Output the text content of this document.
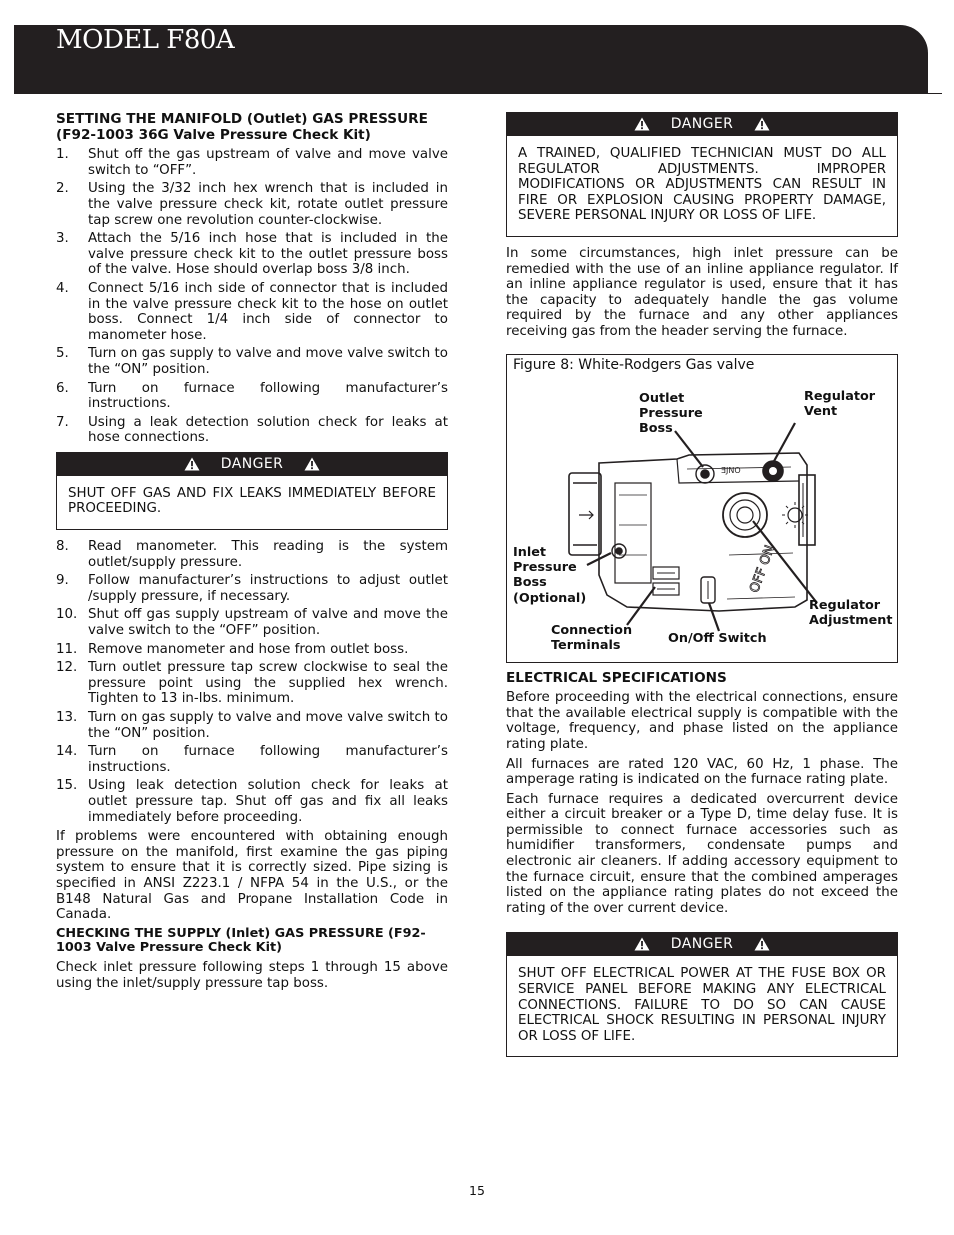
MODEL F80A
SETTING THE MANIFOLD (Outlet) GAS PRESSURE (F92-1003 36G Valve Pressure Check Kit)
1. Shut off the gas upstream of valve and move valve switch to “OFF”.
2. Using the 3/32 inch hex wrench that is included in the valve pressure check kit, rotate outlet pressure tap screw one revolution counter-clockwise.
3. Attach the 5/16 inch hose that is included in the valve pressure check kit to the outlet pressure boss of the valve. Hose should overlap boss 3/8 inch.
4. Connect 5/16 inch side of connector that is included in the valve pressure check kit to the hose on outlet boss. Connect 1/4 inch side of connector to manometer hose.
5. Turn on gas supply to valve and move valve switch to the “ON” position.
6. Turn on furnace following manufacturer’s instructions.
7. Using a leak detection solution check for leaks at hose connections.
DANGER
SHUT OFF GAS AND FIX LEAKS IMMEDIATELY BEFORE PROCEEDING.
8. Read manometer. This reading is the system outlet/supply pressure.
9. Follow manufacturer’s instructions to adjust outlet /supply pressure, if necessary.
10. Shut off gas supply upstream of valve and move the valve switch to the “OFF” position.
11. Remove manometer and hose from outlet boss.
12. Turn outlet pressure tap screw clockwise to seal the pressure point using the supplied hex wrench. Tighten to 13 in-lbs. minimum.
13. Turn on gas supply to valve and move valve switch to the “ON” position.
14. Turn on furnace following manufacturer’s instructions.
15. Using leak detection solution check for leaks at outlet pressure tap. Shut off gas and fix all leaks immediately before proceeding.

If problems were encountered with obtaining enough pressure on the manifold, first examine the gas piping system to ensure that it is correctly sized. Pipe sizing is specified in ANSI Z223.1 / NFPA 54 in the U.S., or the B148 Natural Gas and Propane Installation Code in Canada.

CHECKING THE SUPPLY (Inlet) GAS PRESSURE (F92-1003 Valve Pressure Check Kit)

Check inlet pressure following steps 1 through 15 above using the inlet/supply pressure tap boss.

DANGER
A TRAINED, QUALIFIED TECHNICIAN MUST DO ALL REGULATOR ADJUSTMENTS. IMPROPER MODIFICATIONS OR ADJUSTMENTS CAN RESULT IN FIRE OR EXPLOSION CAUSING PROPERTY DAMAGE, SEVERE PERSONAL INJURY OR LOSS OF LIFE.

In some circumstances, high inlet pressure can be remedied with the use of an inline appliance regulator. If an inline appliance regulator is used, ensure that it has the capacity to adequately handle the gas volume required by the furnace and any other appliances receiving gas from the header serving the furnace.

Figure 8: White-Rodgers Gas valve
ƎJNO
OFF ON
Outlet
Pressure
Boss
Regulator
Vent
Inlet
Pressure
Boss
(Optional)	Regulator
Adjustment
Connection
Terminals	On/Off Switch
ELECTRICAL SPECIFICATIONS

Before proceeding with the electrical connections, ensure that the available electrical supply is compatible with the voltage, frequency, and phase listed on the appliance rating plate.

All furnaces are rated 120 VAC, 60 Hz, 1 phase. The amperage rating is indicated on the furnace rating plate.

Each furnace requires a dedicated overcurrent device either a circuit breaker or a Type D, time delay fuse. It is permissible to connect furnace accessories such as humidifier transformers, condensate pumps and electronic air cleaners. If adding accessory equipment to the furnace circuit, ensure that the combined amperages listed on the appliance rating plates do not exceed the rating of the over current device.

DANGER
SHUT OFF ELECTRICAL POWER AT THE FUSE BOX OR SERVICE PANEL BEFORE MAKING ANY ELECTRICAL CONNECTIONS. FAILURE TO DO SO CAN CAUSE ELECTRICAL SHOCK RESULTING IN PERSONAL INJURY OR LOSS OF LIFE.
15
